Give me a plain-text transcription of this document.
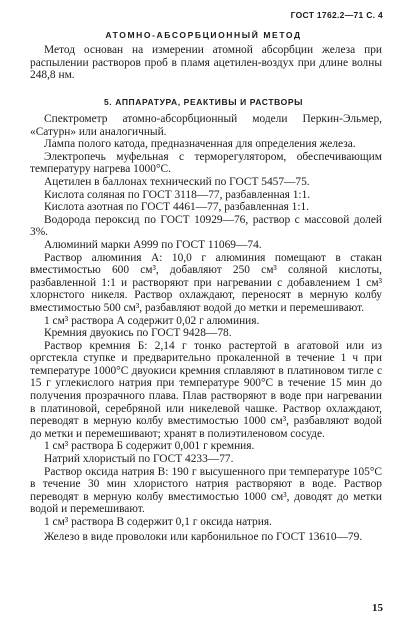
ГОСТ 1762.2—71 С. 4
АТОМНО-АБСОРБЦИОННЫЙ МЕТОД

Метод основан на измерении атомной абсорбции железа при распылении растворов проб в пламя ацетилен-воздух при длине волны 248,8 нм.

5. АППАРАТУРА, РЕАКТИВЫ И РАСТВОРЫ

Спектрометр атомно-абсорбционный модели Перкин-Эльмер, «Сатурн» или аналогичный.

Лампа полого катода, предназначенная для определения железа.

Электропечь муфельная с терморегулятором, обеспечивающим температуру нагрева 1000°С.

Ацетилен в баллонах технический по ГОСТ 5457—75.

Кислота соляная по ГОСТ 3118—77, разбавленная 1:1.

Кислота азотная по ГОСТ 4461—77, разбавленная 1:1.

Водорода пероксид по ГОСТ 10929—76, раствор с массовой долей 3%.

Алюминий марки А999 по ГОСТ 11069—74.

Раствор алюминия А: 10,0 г алюминия помещают в стакан вместимостью 600 см³, добавляют 250 см³ соляной кислоты, разбавленной 1:1 и растворяют при нагревании с добавлением 1 см³ хлорнстого никеля. Раствор охлаждают, переносят в мерную колбу вместимостью 500 см³, разбавляют водой до метки и перемешивают.

1 см³ раствора А содержит 0,02 г алюминия.

Кремния двуокись по ГОСТ 9428—78.

Раствор кремния Б: 2,14 г тонко растертой в агатовой или из оргстекла ступке и предварительно прокаленной в течение 1 ч при температуре 1000°С двуокиси кремния сплавляют в платиновом тигле с 15 г углекислого натрия при температуре 900°С в течение 15 мин до получения прозрачного плава. Плав растворяют в воде при нагревании в платиновой, серебряной или никелевой чашке. Раствор охлаждают, переводят в мерную колбу вместимостью 1000 см³, разбавляют водой до метки и перемешивают; хранят в полиэтиленовом сосуде.

1 см³ раствора Б содержит 0,001 г кремния.

Натрий хлористый по ГОСТ 4233—77.

Раствор оксида натрия В: 190 г высушенного при температуре 105°С в течение 30 мин хлористого натрия растворяют в воде. Раствор переводят в мерную колбу вместимостью 1000 см³, доводят до метки водой и перемешивают.

1 см³ раствора В содержит 0,1 г оксида натрия.

Железо в виде проволоки или карбонильное по ГОСТ 13610—79.

15
